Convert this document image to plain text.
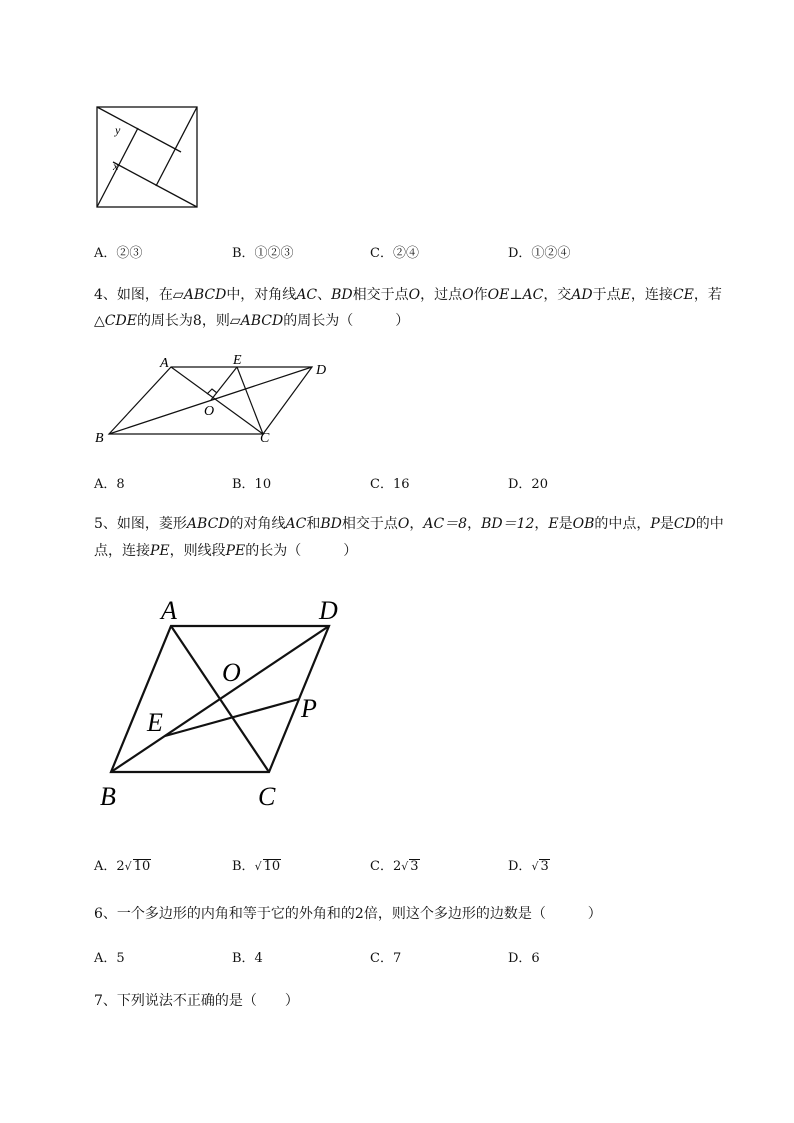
y
x
A．②③	B．①②③	C．②④	D．①②④
4、如图，在▱ABCD中，对角线AC、BD相交于点O，过点O作OE⊥AC，交AD于点E，连接CE，若
△CDE的周长为8，则▱ABCD的周长为（　　　）
A	E
D
O
B	C
A．8	B．10	C．16	D．20
5、如图，菱形ABCD的对角线AC和BD相交于点O，AC＝8，BD＝12，E是OB的中点，P是CD的中
点，连接PE，则线段PE的长为（　　　）
A	D
O
E	P
B	C
A．2√ 10	B．√ 10	C．2√ 3	D．√ 3
6、一个多边形的内角和等于它的外角和的2倍，则这个多边形的边数是（　　　）
A．5	B．4	C．7	D．6
7、下列说法不正确的是（　　）
